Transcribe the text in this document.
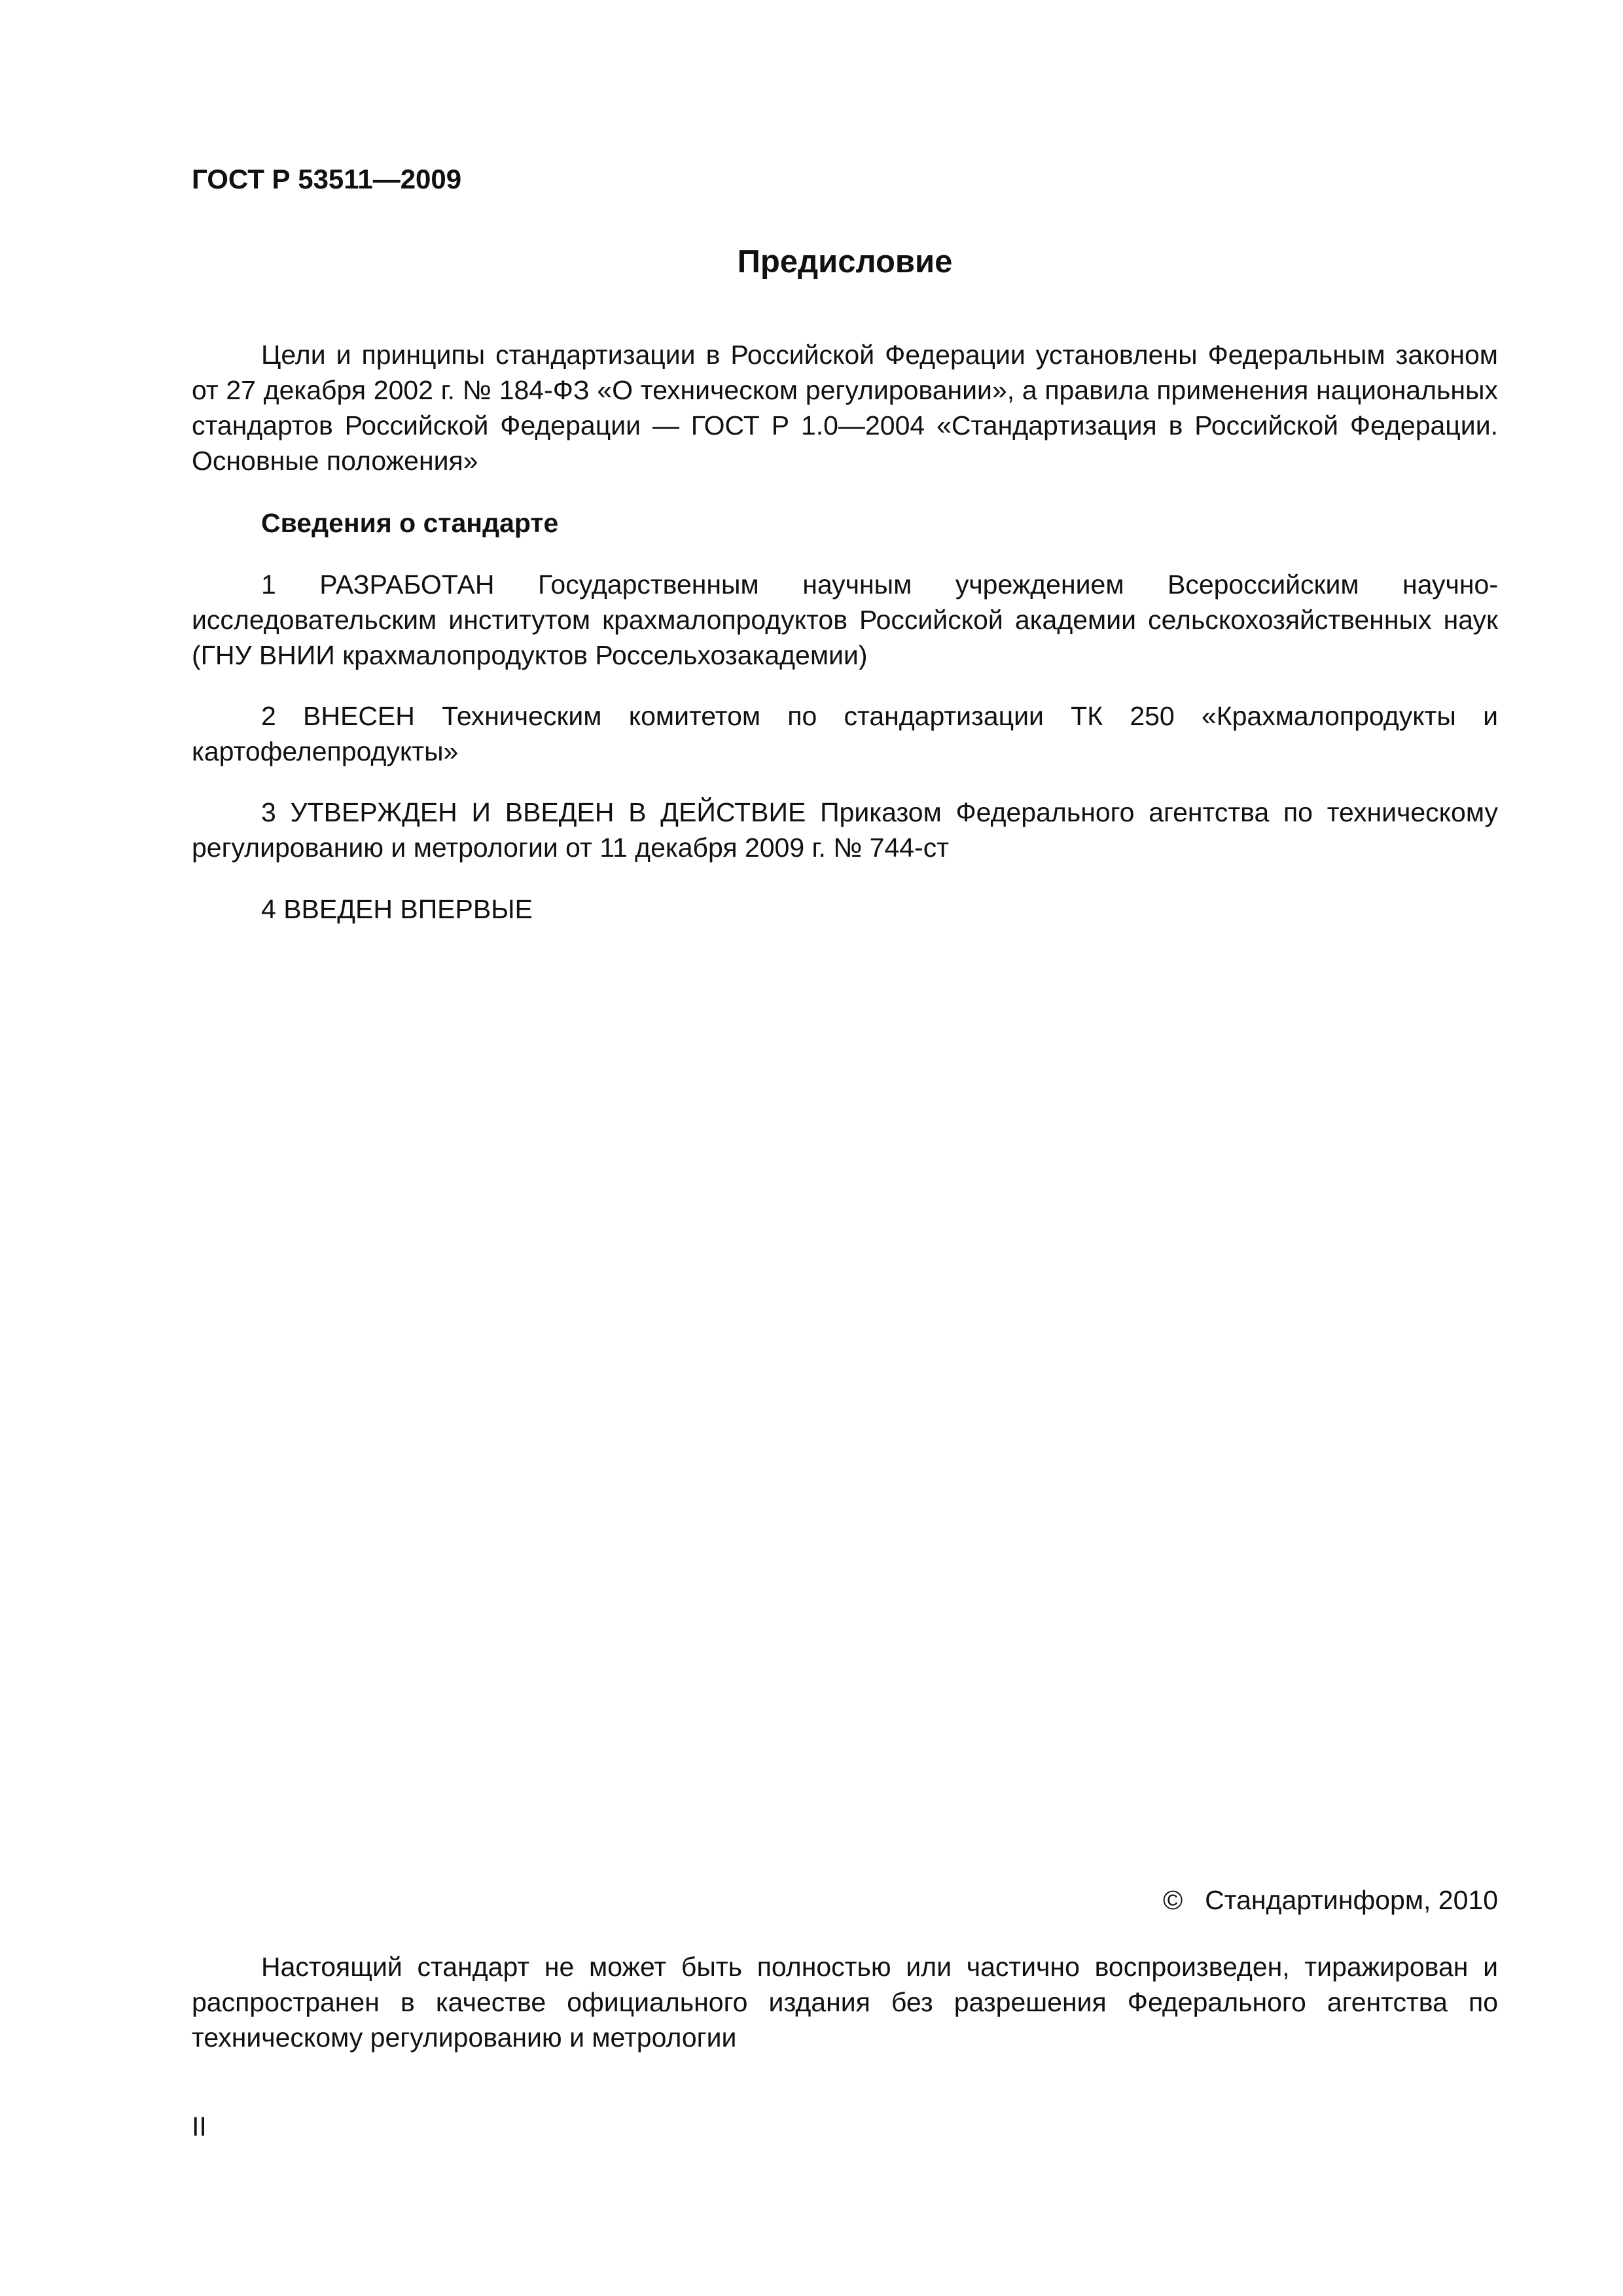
ГОСТ Р 53511—2009
Предисловие
Цели и принципы стандартизации в Российской Федерации установлены Федеральным законом от 27 декабря 2002 г. № 184-ФЗ «О техническом регулировании», а правила применения национальных стандартов Российской Федерации — ГОСТ Р 1.0—2004 «Стандартизация в Российской Федерации. Основные положения»
Сведения о стандарте
1 РАЗРАБОТАН Государственным научным учреждением Всероссийским научно-исследовательским институтом крахмалопродуктов Российской академии сельскохозяйственных наук (ГНУ ВНИИ крахмалопродуктов Россельхозакадемии)
2 ВНЕСЕН Техническим комитетом по стандартизации ТК 250 «Крахмалопродукты и картофелепродукты»
3 УТВЕРЖДЕН И ВВЕДЕН В ДЕЙСТВИЕ Приказом Федерального агентства по техническому регулированию и метрологии от 11 декабря 2009 г. № 744-ст
4 ВВЕДЕН ВПЕРВЫЕ
© Стандартинформ, 2010
Настоящий стандарт не может быть полностью или частично воспроизведен, тиражирован и распространен в качестве официального издания без разрешения Федерального агентства по техническому регулированию и метрологии
II
